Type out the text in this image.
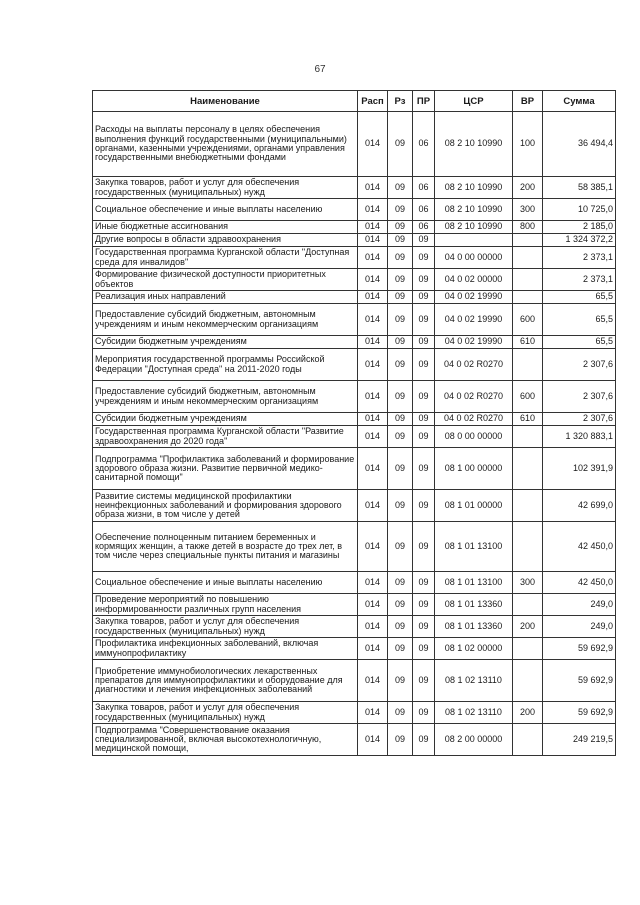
67
Наименование	Расп	Рз	ПР	ЦСР	ВР	Сумма
Расходы на выплаты персоналу в целях обеспечения выполнения функций государственными (муниципальными) органами, казенными учреждениями, органами управления государственными внебюджетными фондами	014	09	06	08 2 10 10990	100	36 494,4
Закупка товаров, работ и услуг для обеспечения государственных (муниципальных) нужд	014	09	06	08 2 10 10990	200	58 385,1
Социальное обеспечение и иные выплаты населению	014	09	06	08 2 10 10990	300	10 725,0
Иные бюджетные ассигнования	014	09	06	08 2 10 10990	800	2 185,0
Другие вопросы в области здравоохранения	014	09	09			1 324 372,2
Государственная программа Курганской области "Доступная среда для инвалидов"	014	09	09	04 0 00 00000		2 373,1
Формирование физической доступности приоритетных объектов	014	09	09	04 0 02 00000		2 373,1
Реализация иных направлений	014	09	09	04 0 02 19990		65,5
Предоставление субсидий бюджетным, автономным учреждениям и иным некоммерческим организациям	014	09	09	04 0 02 19990	600	65,5
Субсидии бюджетным учреждениям	014	09	09	04 0 02 19990	610	65,5
Мероприятия государственной программы Российской Федерации "Доступная среда" на 2011-2020 годы	014	09	09	04 0 02 R0270		2 307,6
Предоставление субсидий бюджетным, автономным учреждениям и иным некоммерческим организациям	014	09	09	04 0 02 R0270	600	2 307,6
Субсидии бюджетным учреждениям	014	09	09	04 0 02 R0270	610	2 307,6
Государственная программа Курганской области "Развитие здравоохранения до 2020 года"	014	09	09	08 0 00 00000		1 320 883,1
Подпрограмма "Профилактика заболеваний и формирование здорового образа жизни. Развитие первичной медико-санитарной помощи"	014	09	09	08 1 00 00000		102 391,9
Развитие системы медицинской профилактики неинфекционных заболеваний и формирования здорового образа жизни, в том числе у детей	014	09	09	08 1 01 00000		42 699,0
Обеспечение полноценным питанием беременных и кормящих женщин, а также детей в возрасте до трех лет, в том числе через специальные пункты питания и магазины	014	09	09	08 1 01 13100		42 450,0
Социальное обеспечение и иные выплаты населению	014	09	09	08 1 01 13100	300	42 450,0
Проведение мероприятий по повышению информированности различных групп населения	014	09	09	08 1 01 13360		249,0
Закупка товаров, работ и услуг для обеспечения государственных (муниципальных) нужд	014	09	09	08 1 01 13360	200	249,0
Профилактика инфекционных заболеваний, включая иммунопрофилактику	014	09	09	08 1 02 00000		59 692,9
Приобретение иммунобиологических лекарственных препаратов для иммунопрофилактики и оборудование для диагностики и лечения инфекционных заболеваний	014	09	09	08 1 02 13110		59 692,9
Закупка товаров, работ и услуг для обеспечения государственных (муниципальных) нужд	014	09	09	08 1 02 13110	200	59 692,9
Подпрограмма "Совершенствование оказания специализированной, включая высокотехнологичную, медицинской помощи,	014	09	09	08 2 00 00000		249 219,5
